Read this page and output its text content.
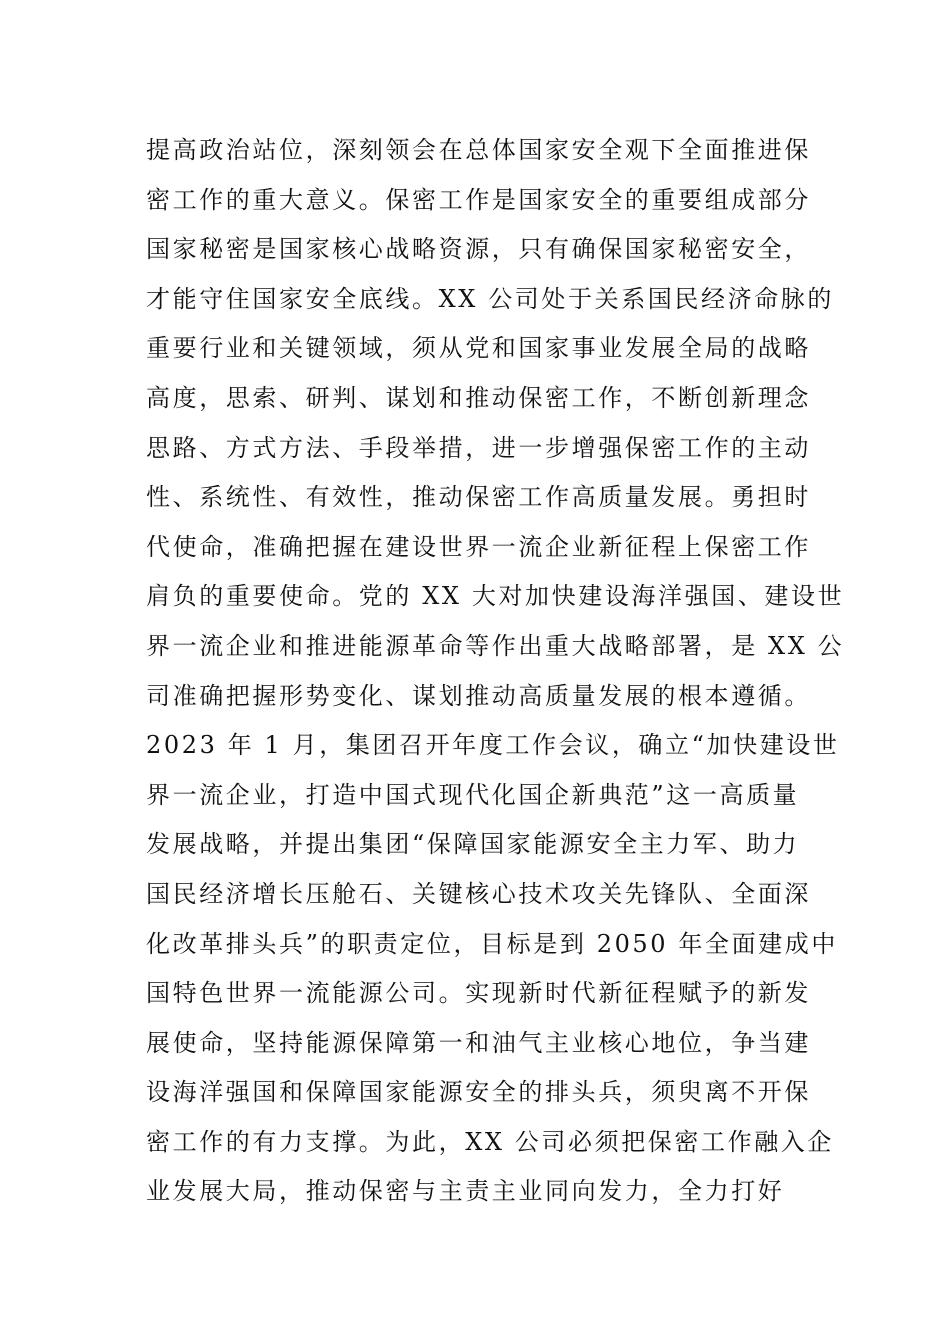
提高政治站位，深刻领会在总体国家安全观下全面推进保
密工作的重大意义。保密工作是国家安全的重要组成部分
国家秘密是国家核心战略资源，只有确保国家秘密安全，
才能守住国家安全底线。XX 公司处于关系国民经济命脉的
重要行业和关键领域，须从党和国家事业发展全局的战略
高度，思索、研判、谋划和推动保密工作，不断创新理念
思路、方式方法、手段举措，进一步增强保密工作的主动
性、系统性、有效性，推动保密工作高质量发展。勇担时
代使命，准确把握在建设世界一流企业新征程上保密工作
肩负的重要使命。党的 XX 大对加快建设海洋强国、建设世
界一流企业和推进能源革命等作出重大战略部署，是 XX 公
司准确把握形势变化、谋划推动高质量发展的根本遵循。
2023 年 1 月，集团召开年度工作会议，确立“加快建设世
界一流企业，打造中国式现代化国企新典范”这一高质量
发展战略，并提出集团“保障国家能源安全主力军、助力
国民经济增长压舱石、关键核心技术攻关先锋队、全面深
化改革排头兵”的职责定位，目标是到 2050 年全面建成中
国特色世界一流能源公司。实现新时代新征程赋予的新发
展使命，坚持能源保障第一和油气主业核心地位，争当建
设海洋强国和保障国家能源安全的排头兵，须臾离不开保
密工作的有力支撑。为此，XX 公司必须把保密工作融入企
业发展大局，推动保密与主责主业同向发力，全力打好
